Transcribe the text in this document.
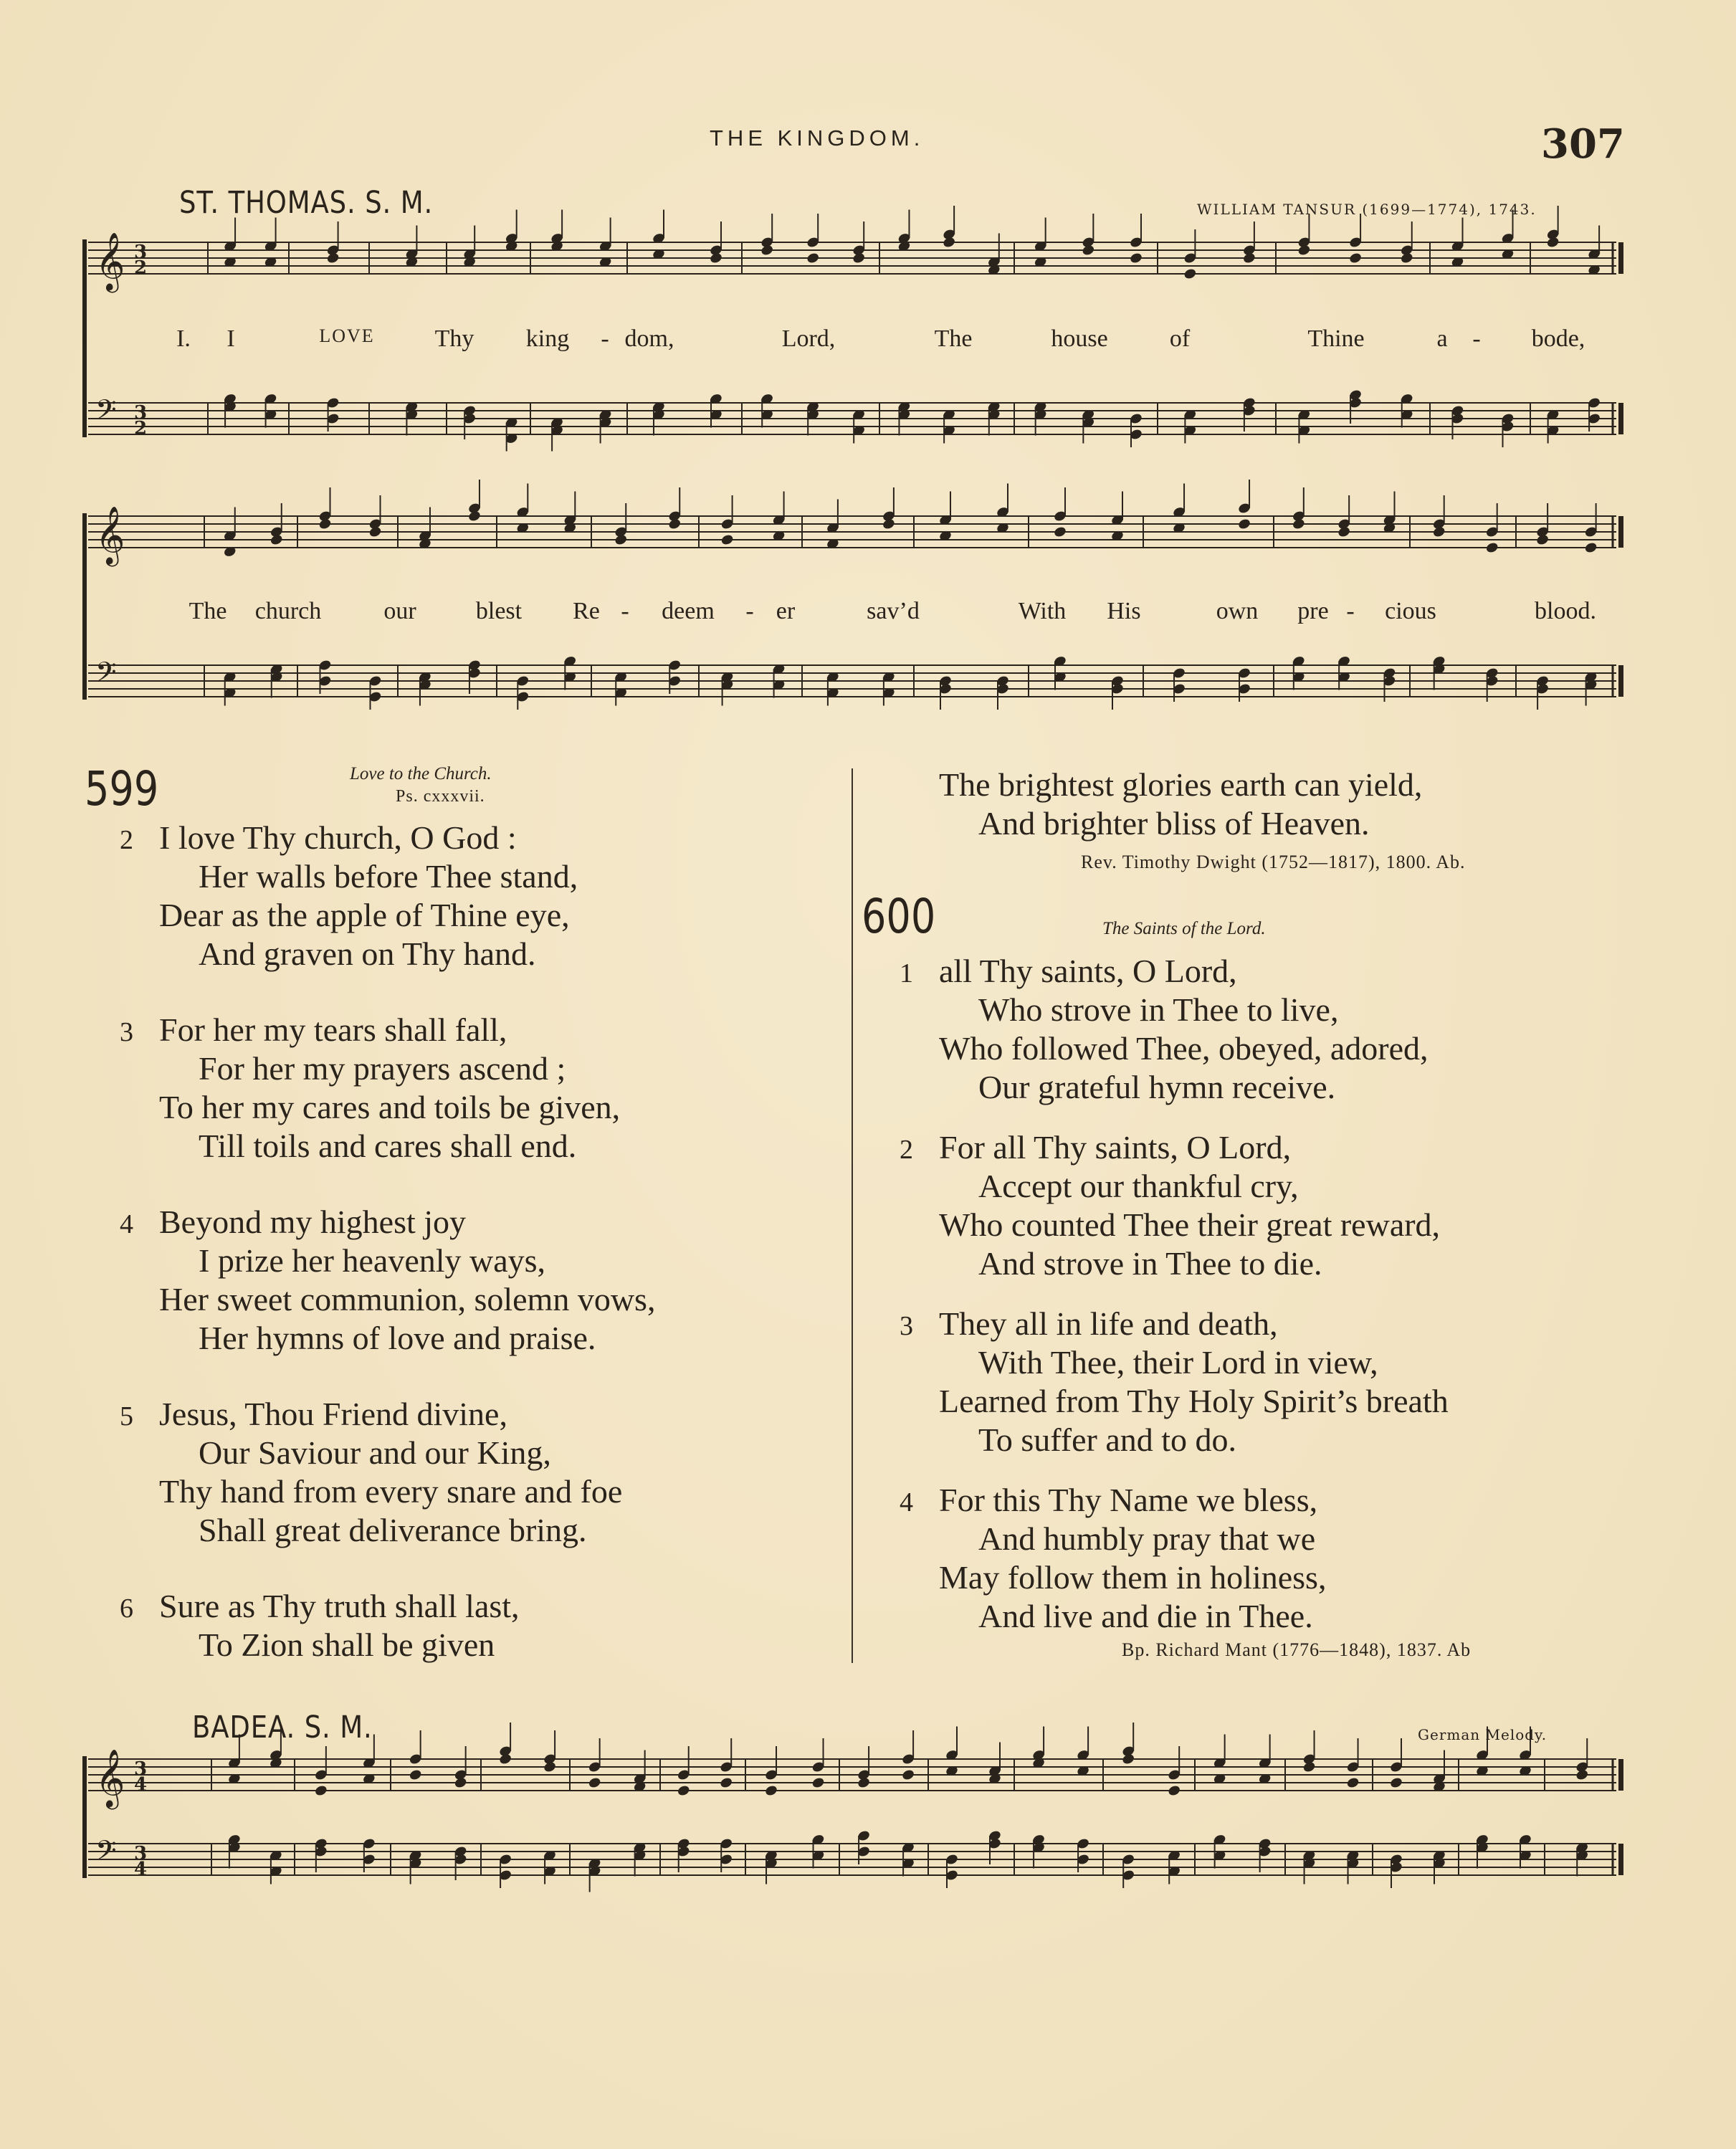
THE KINGDOM.	307
ST. THOMAS. S. M.	WILLIAM TANSUR (1699—1774), 1743.
𝄞
𝄢
3
2
3
2
I. I	LOVE Thy king - dom,	Lord,	The	house	of	Thine	a - bode,
𝄞
𝄢
The church	our blest Re - deem - er	sav’d	With His	own pre - cious	blood.
599	Love to the Church.
Ps. cxxxvii.
2 I love Thy church, O God :
Her walls before Thee stand,
Dear as the apple of Thine eye,
And graven on Thy hand.
3 For her my tears shall fall,
For her my prayers ascend ;
To her my cares and toils be given,
Till toils and cares shall end.
4 Beyond my highest joy
I prize her heavenly ways,
Her sweet communion, solemn vows,
Her hymns of love and praise.
5 Jesus, Thou Friend divine,
Our Saviour and our King,
Thy hand from every snare and foe
Shall great deliverance bring.
6 Sure as Thy truth shall last,
To Zion shall be given
The brightest glories earth can yield,
And brighter bliss of Heaven.
Rev. Timothy Dwight (1752—1817), 1800. Ab.
600	The Saints of the Lord.
1 all Thy saints, O Lord,
Who strove in Thee to live,
Who followed Thee, obeyed, adored,
Our grateful hymn receive.
2 For all Thy saints, O Lord,
Accept our thankful cry,
Who counted Thee their great reward,
And strove in Thee to die.
3 They all in life and death,
With Thee, their Lord in view,
Learned from Thy Holy Spirit’s breath
To suffer and to do.
4 For this Thy Name we bless,
And humbly pray that we
May follow them in holiness,
And live and die in Thee.
Bp. Richard Mant (1776—1848), 1837. Ab
BADEA. S. M.	German Melody.
𝄞
𝄢
3
4
3
4
